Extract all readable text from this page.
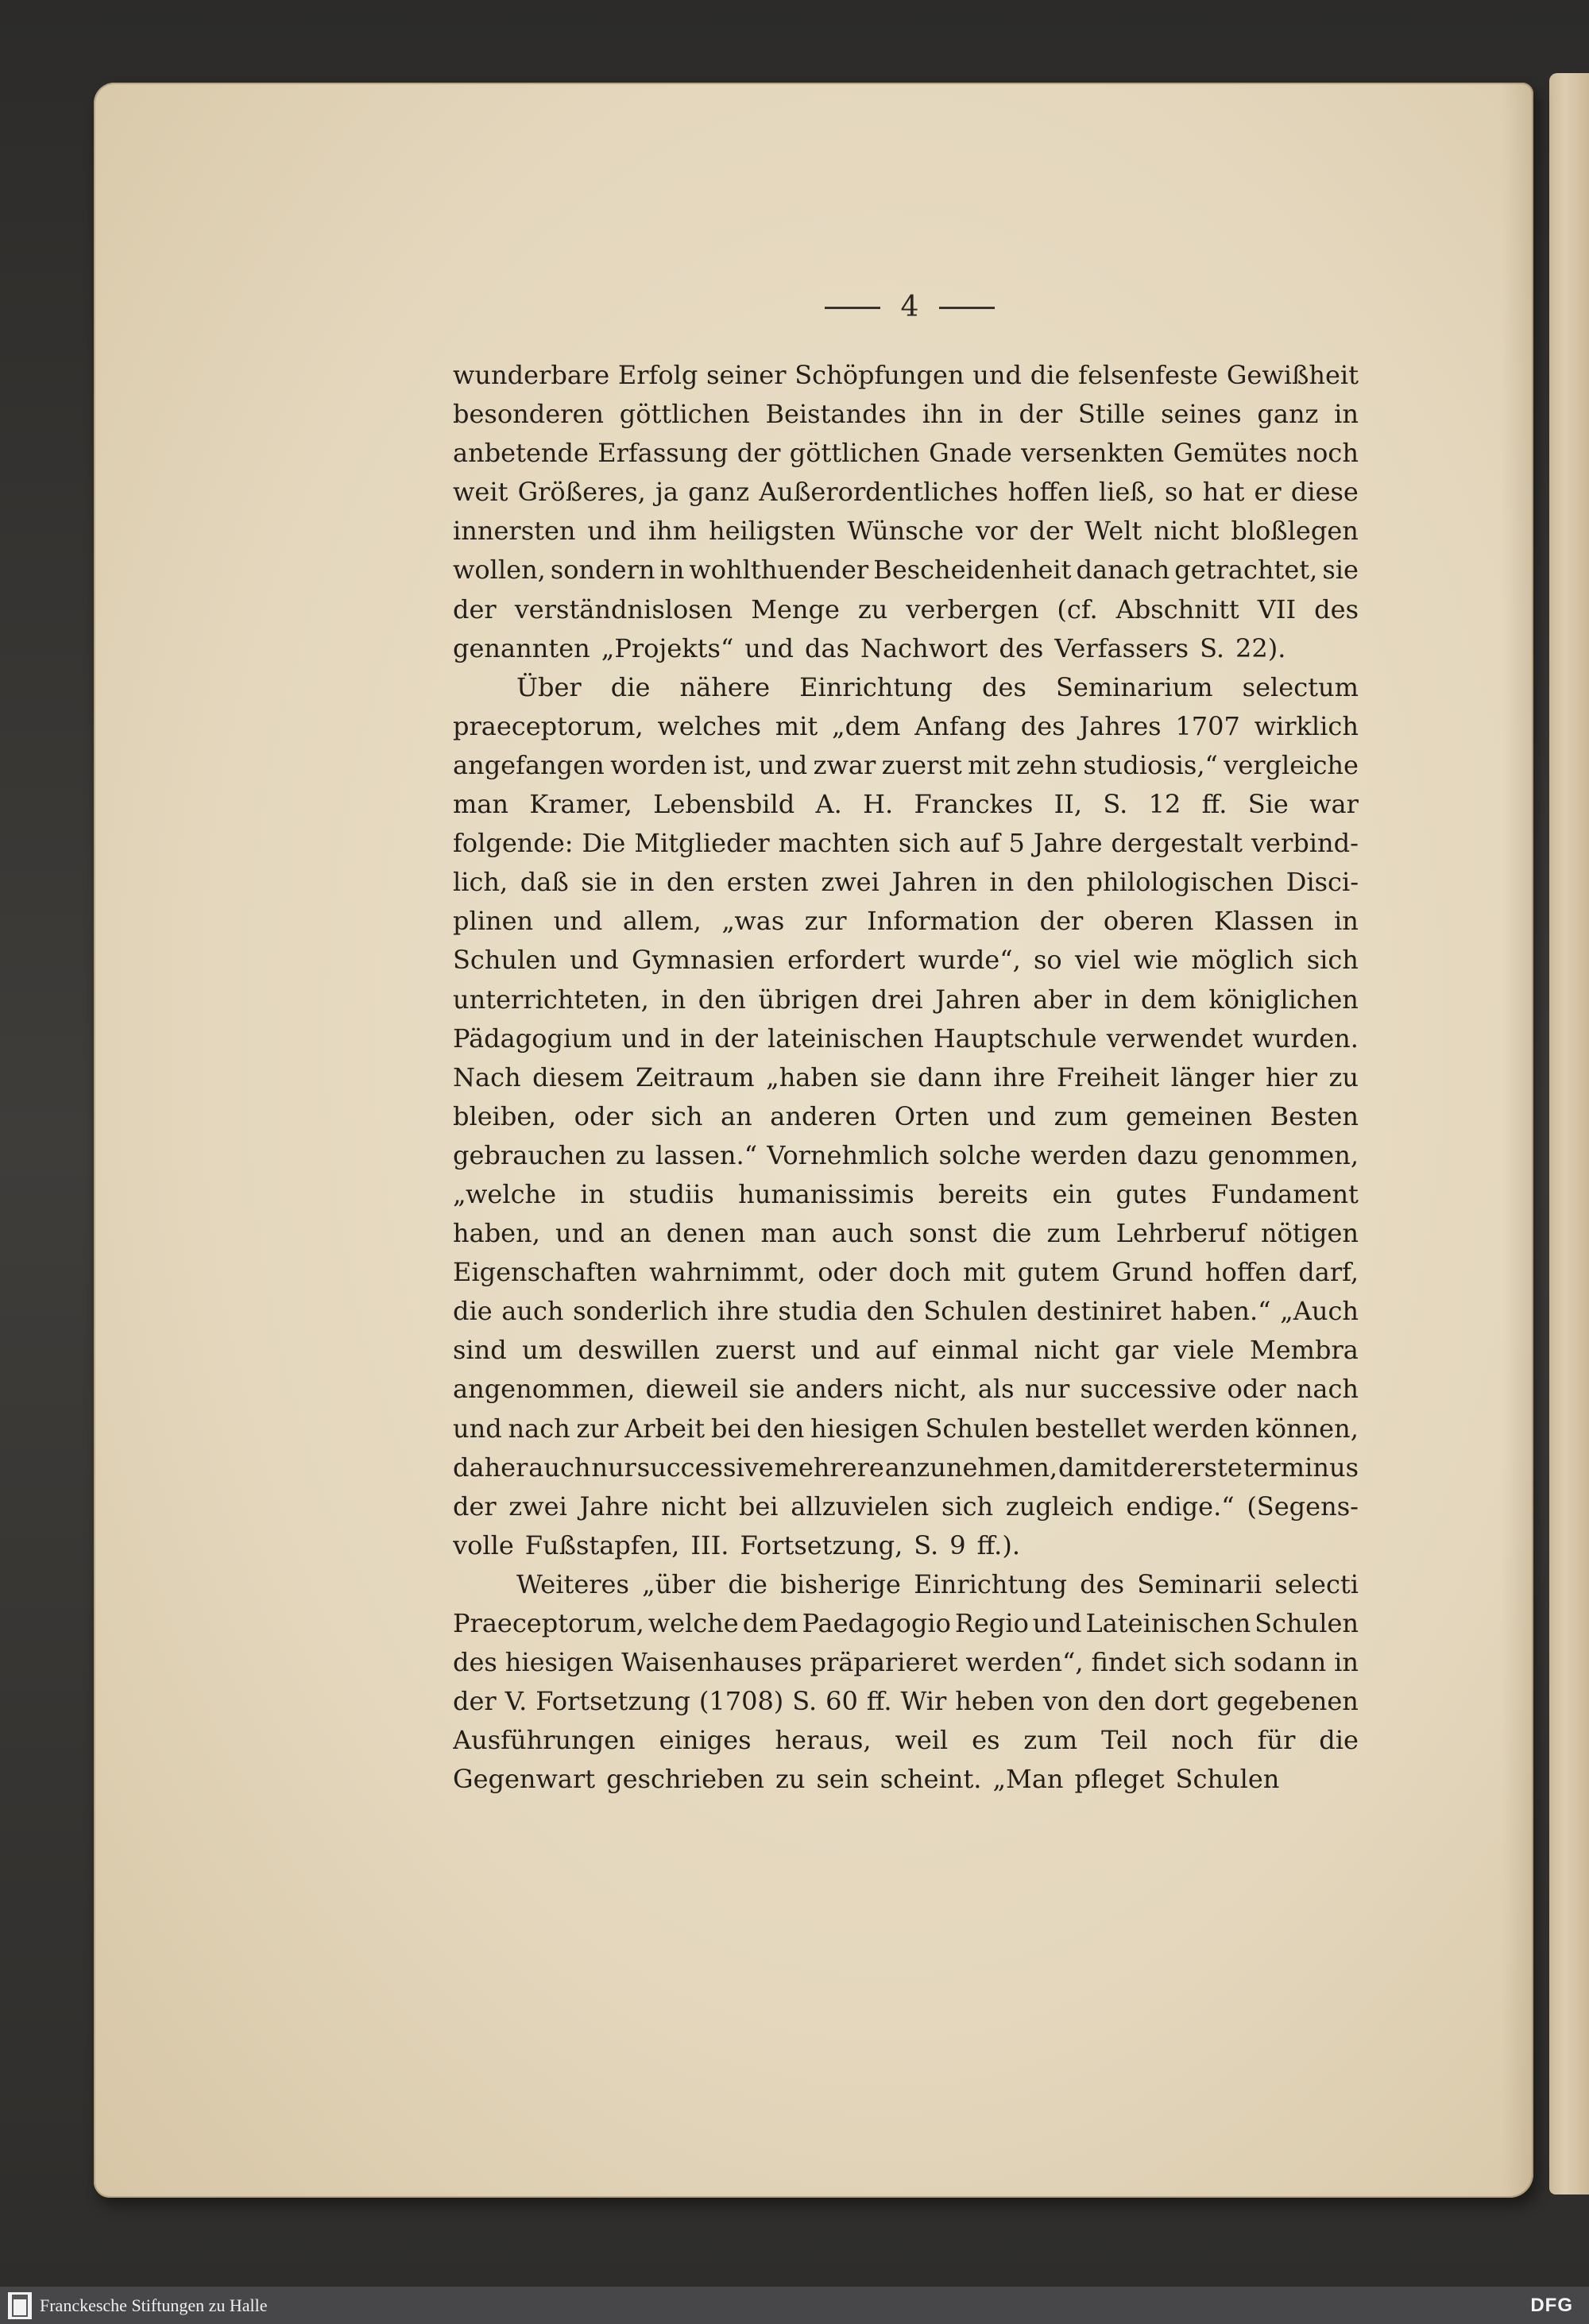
4
wunderbare Erfolg seiner Schöpfungen und die felsenfeste Gewißheit
besonderen göttlichen Beistandes ihn in der Stille seines ganz in
anbetende Erfassung der göttlichen Gnade versenkten Gemütes noch
weit Größeres, ja ganz Außerordentliches hoffen ließ, so hat er diese
innersten und ihm heiligsten Wünsche vor der Welt nicht bloßlegen
wollen, sondern in wohlthuender Bescheidenheit danach getrachtet, sie
der verständnislosen Menge zu verbergen (cf. Abschnitt VII des
genannten „Projekts“ und das Nachwort des Verfassers S. 22).
Über die nähere Einrichtung des Seminarium selectum
praeceptorum, welches mit „dem Anfang des Jahres 1707 wirklich
angefangen worden ist, und zwar zuerst mit zehn studiosis,“ vergleiche
man Kramer, Lebensbild A. H. Franckes II, S. 12 ff. Sie war
folgende: Die Mitglieder machten sich auf 5 Jahre dergestalt verbind-
lich, daß sie in den ersten zwei Jahren in den philologischen Disci-
plinen und allem, „was zur Information der oberen Klassen in
Schulen und Gymnasien erfordert wurde“, so viel wie möglich sich
unterrichteten, in den übrigen drei Jahren aber in dem königlichen
Pädagogium und in der lateinischen Hauptschule verwendet wurden.
Nach diesem Zeitraum „haben sie dann ihre Freiheit länger hier zu
bleiben, oder sich an anderen Orten und zum gemeinen Besten
gebrauchen zu lassen.“ Vornehmlich solche werden dazu genommen,
„welche in studiis humanissimis bereits ein gutes Fundament
haben, und an denen man auch sonst die zum Lehrberuf nötigen
Eigenschaften wahrnimmt, oder doch mit gutem Grund hoffen darf,
die auch sonderlich ihre studia den Schulen destiniret haben.“ „Auch
sind um deswillen zuerst und auf einmal nicht gar viele Membra
angenommen, dieweil sie anders nicht, als nur successive oder nach
und nach zur Arbeit bei den hiesigen Schulen bestellet werden können,
daher auch nur successive mehrere anzunehmen, damit der erste terminus
der zwei Jahre nicht bei allzuvielen sich zugleich endige.“ (Segens-
volle Fußstapfen, III. Fortsetzung, S. 9 ff.).
Weiteres „über die bisherige Einrichtung des Seminarii selecti
Praeceptorum, welche dem Paedagogio Regio und Lateinischen Schulen
des hiesigen Waisenhauses präparieret werden“, findet sich sodann in
der V. Fortsetzung (1708) S. 60 ff. Wir heben von den dort gegebenen
Ausführungen einiges heraus, weil es zum Teil noch für die
Gegenwart geschrieben zu sein scheint. „Man pfleget Schulen
Franckesche Stiftungen zu Halle	DFG
